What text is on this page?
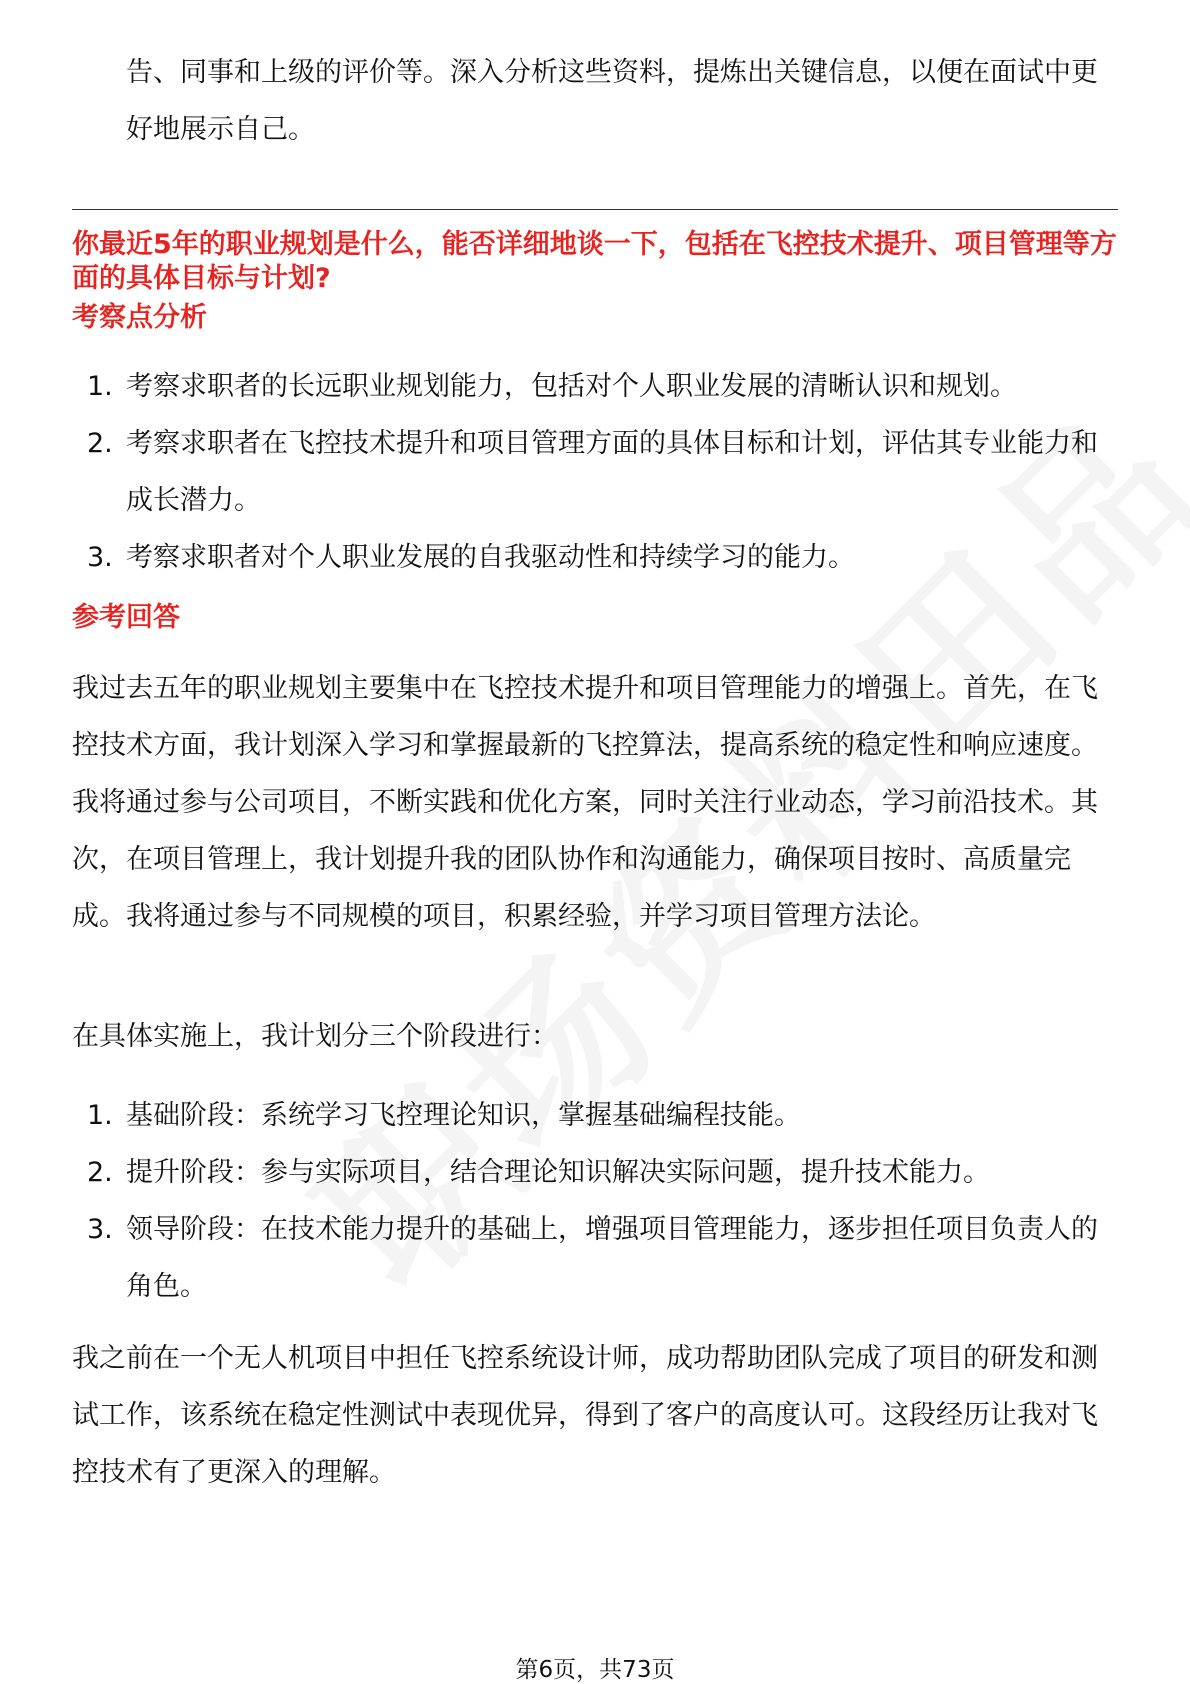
告、同事和上级的评价等。深入分析这些资料，提炼出关键信息，以便在面试中更好地展示自己。

你最近5年的职业规划是什么，能否详细地谈一下，包括在飞控技术提升、项目管理等方面的具体目标与计划?

考察点分析
1. 考察求职者的长远职业规划能力，包括对个人职业发展的清晰认识和规划。
2. 考察求职者在飞控技术提升和项目管理方面的具体目标和计划，评估其专业能力和成长潜力。
3. 考察求职者对个人职业发展的自我驱动性和持续学习的能力。
参考回答

我过去五年的职业规划主要集中在飞控技术提升和项目管理能力的增强上。首先，在飞控技术方面，我计划深入学习和掌握最新的飞控算法，提高系统的稳定性和响应速度。我将通过参与公司项目，不断实践和优化方案，同时关注行业动态，学习前沿技术。其次，在项目管理上，我计划提升我的团队协作和沟通能力，确保项目按时、高质量完成。我将通过参与不同规模的项目，积累经验，并学习项目管理方法论。

在具体实施上，我计划分三个阶段进行：

1. 基础阶段：系统学习飞控理论知识，掌握基础编程技能。
2. 提升阶段：参与实际项目，结合理论知识解决实际问题，提升技术能力。
3. 领导阶段：在技术能力提升的基础上，增强项目管理能力，逐步担任项目负责人的角色。

我之前在一个无人机项目中担任飞控系统设计师，成功帮助团队完成了项目的研发和测试工作，该系统在稳定性测试中表现优异，得到了客户的高度认可。这段经历让我对飞控技术有了更深入的理解。

第6页，共73页
